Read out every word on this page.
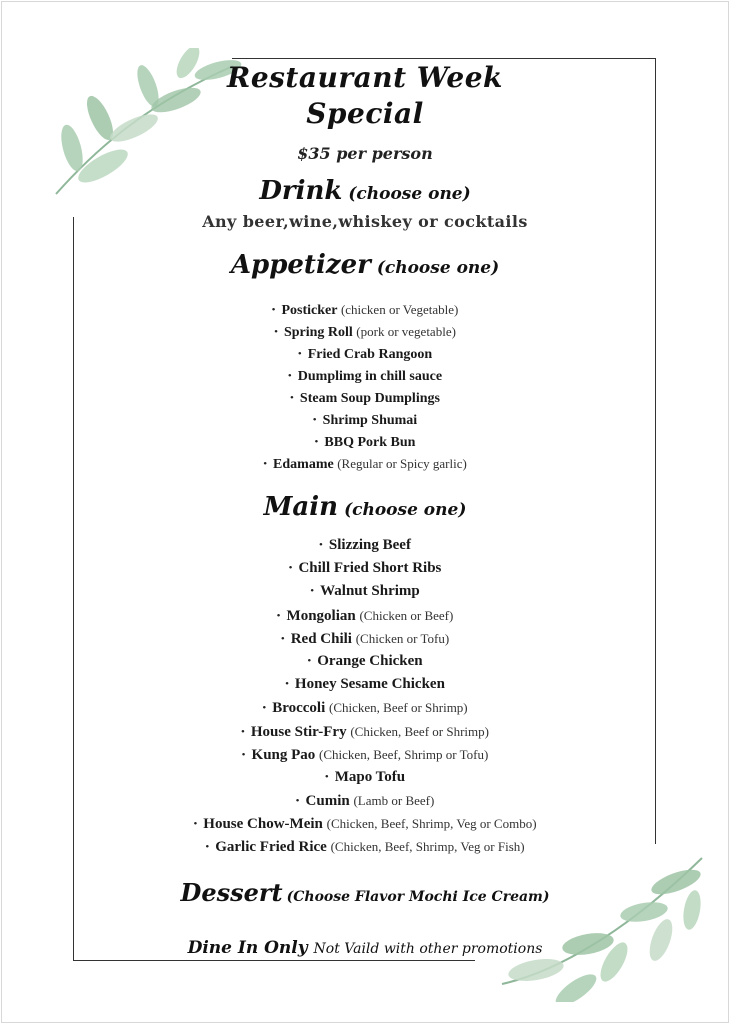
Restaurant Week
Special
$35 per person
Drink (choose one)
Any beer,wine,whiskey or cocktails
Appetizer (choose one)
• Posticker (chicken or Vegetable)
• Spring Roll (pork or vegetable)
• Fried Crab Rangoon
• Dumplimg in chill sauce
• Steam Soup Dumplings
• Shrimp Shumai
• BBQ Pork Bun
• Edamame (Regular or Spicy garlic)
Main (choose one)
• Slizzing Beef
• Chill Fried Short Ribs
• Walnut Shrimp
• Mongolian (Chicken or Beef)
• Red Chili (Chicken or Tofu)
• Orange Chicken
• Honey Sesame Chicken
• Broccoli (Chicken, Beef or Shrimp)
• House Stir-Fry (Chicken, Beef or Shrimp)
• Kung Pao (Chicken, Beef, Shrimp or Tofu)
• Mapo Tofu
• Cumin (Lamb or Beef)
• House Chow-Mein (Chicken, Beef, Shrimp, Veg or Combo)
• Garlic Fried Rice (Chicken, Beef, Shrimp, Veg or Fish)
Dessert (Choose Flavor Mochi Ice Cream)
Dine In Only Not Vaild with other promotions
